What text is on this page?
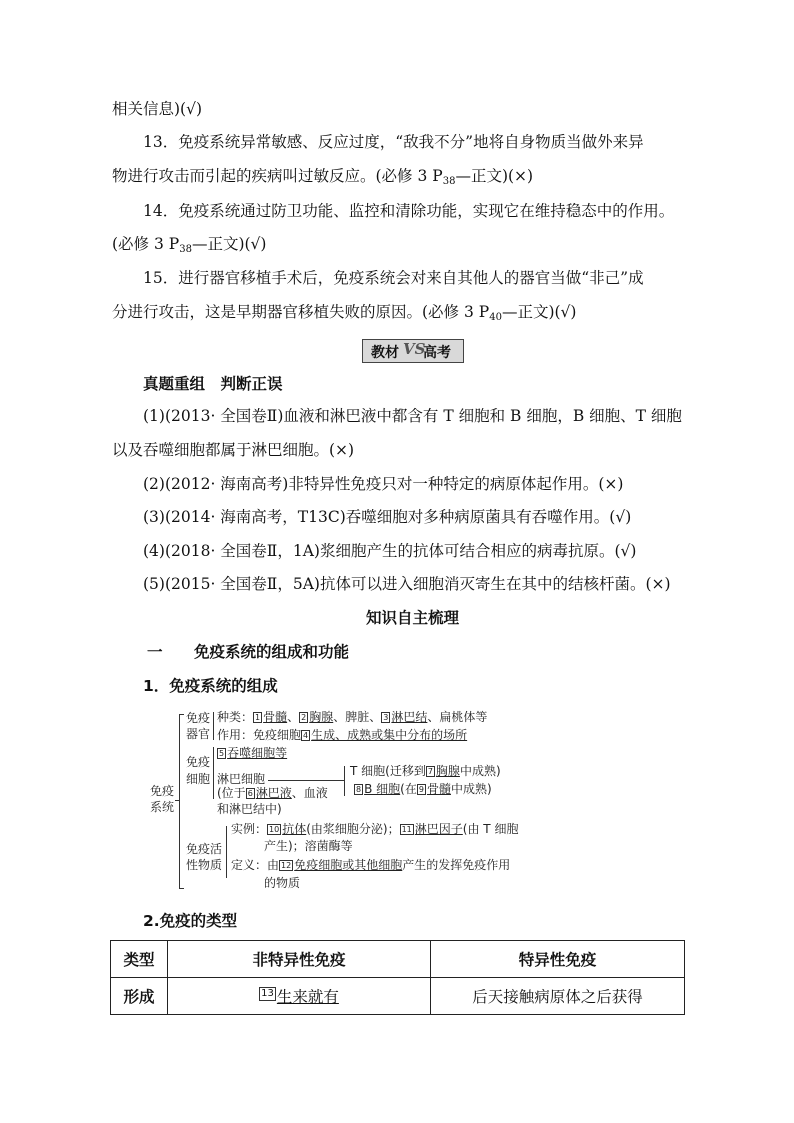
相关信息)(√)
13．免疫系统异常敏感、反应过度，“敌我不分”地将自身物质当做外来异
物进行攻击而引起的疾病叫过敏反应。(必修 3 $P_{38}—$正文)(×)
14．免疫系统通过防卫功能、监控和清除功能，实现它在维持稳态中的作用。
(必修 3 $P_{38}—$正文)(√)
15．进行器官移植手术后，免疫系统会对来自其他人的器官当做“非己”成
分进行攻击，这是早期器官移植失败的原因。(必修 3 $P_{40}—$正文)(√)
教材 VS
高考
真题重组　判断正误
(1)(2013· 全国卷Ⅱ)血液和淋巴液中都含有 T 细胞和 B 细胞，B 细胞、T 细胞
以及吞噬细胞都属于淋巴细胞。(×)
(2)(2012· 海南高考)非特异性免疫只对一种特定的病原体起作用。(×)
(3)(2014· 海南高考，T13C)吞噬细胞对多种病原菌具有吞噬作用。(√)
(4)(2018· 全国卷Ⅱ，1A)浆细胞产生的抗体可结合相应的病毒抗原。(√)
(5)(2015· 全国卷Ⅱ，5A)抗体可以进入细胞消灭寄生在其中的结核杆菌。(×)
知识自主梳理
一 免疫系统的组成和功能
1．免疫系统的组成
免疫
系统
免疫
器官
种类： 1 骨髓、 2 胸腺、脾脏、 3 淋巴结、扁桃体等
作用：免疫细胞 4 生成、成熟或集中分布的场所
免疫
细胞
5 吞噬细胞等
淋巴细胞
(位于 6 淋巴液、血液
和淋巴结中)
T 细胞(迁移到 7 胸腺中成熟)
8 B 细胞(在 9 骨髓中成熟)
免疫活
性物质
实例： 10 抗体(由浆细胞分泌)； 11 淋巴因子(由 T 细胞
产生)；溶菌酶等
定义：由 12 免疫细胞或其他细胞产生的发挥免疫作用
的物质
2.免疫的类型
类型	非特异性免疫	特异性免疫
形成	13 生来就有	后天接触病原体之后获得
